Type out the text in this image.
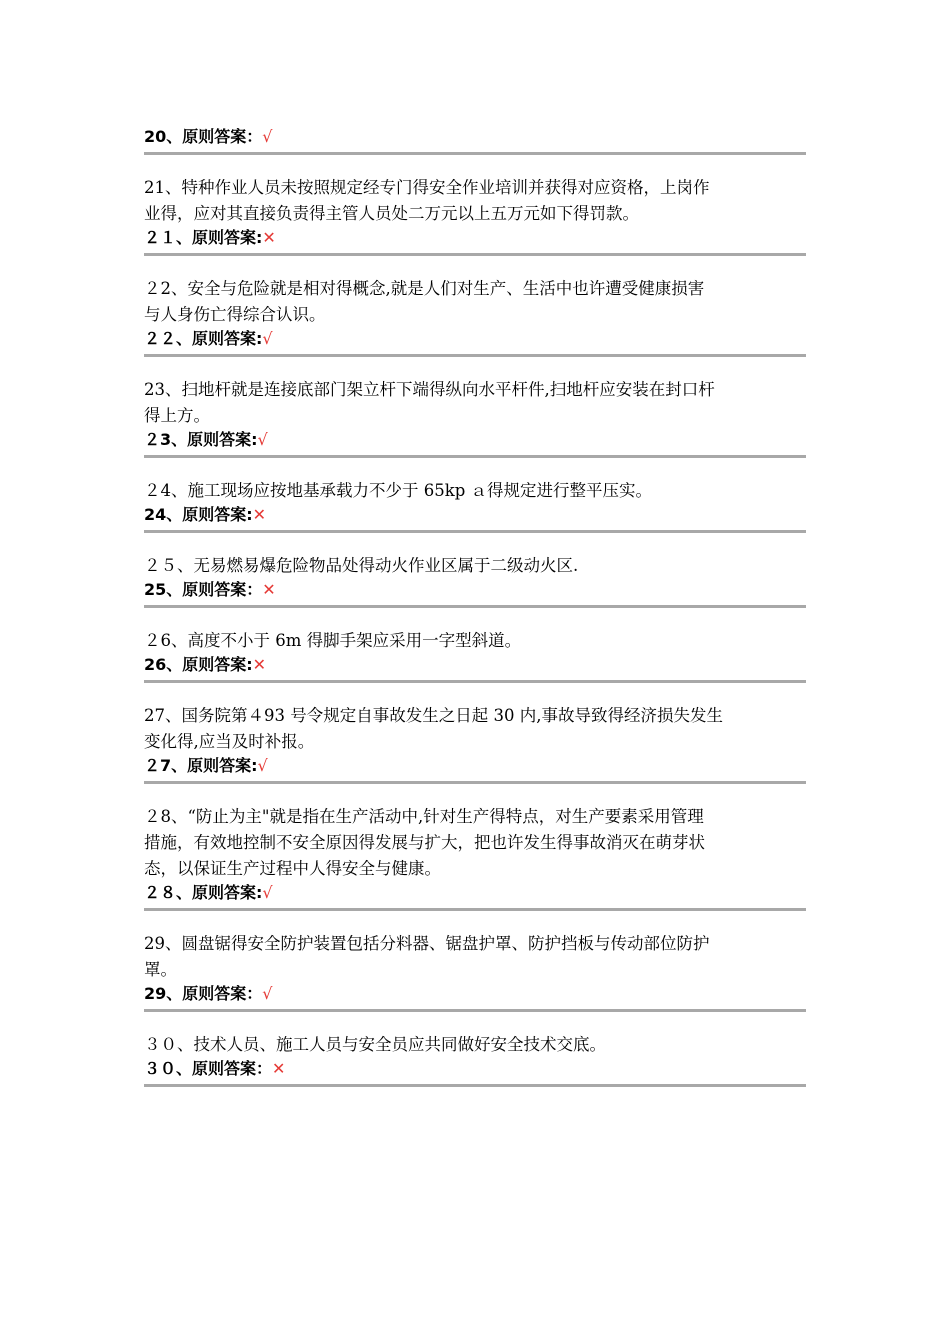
20、原则答案：√

21、特种作业人员未按照规定经专门得安全作业培训并获得对应资格，上岗作
业得，应对其直接负责得主管人员处二万元以上五万元如下得罚款。

２１、原则答案:✕

２2、安全与危险就是相对得概念,就是人们对生产、生活中也许遭受健康损害
与人身伤亡得综合认识。

２２、原则答案:√

23、扫地杆就是连接底部门架立杆下端得纵向水平杆件,扫地杆应安装在封口杆
得上方。

２3、原则答案:√

２4、施工现场应按地基承载力不少于 65kp ａ得规定进行整平压实。

24、原则答案:✕

２５、无易燃易爆危险物品处得动火作业区属于二级动火区.

25、原则答案：✕

２6、高度不小于 6m 得脚手架应采用一字型斜道。

26、原则答案:✕

27、国务院第４93 号令规定自事故发生之日起 30 内,事故导致得经济损失发生
变化得,应当及时补报。

２7、原则答案:√

２8、“防止为主"就是指在生产活动中,针对生产得特点，对生产要素采用管理
措施，有效地控制不安全原因得发展与扩大，把也许发生得事故消灭在萌芽状
态，以保证生产过程中人得安全与健康。

２８、原则答案:√

29、圆盘锯得安全防护装置包括分料器、锯盘护罩、防护挡板与传动部位防护
罩。

29、原则答案：√

３０、技术人员、施工人员与安全员应共同做好安全技术交底。

３０、原则答案：✕
